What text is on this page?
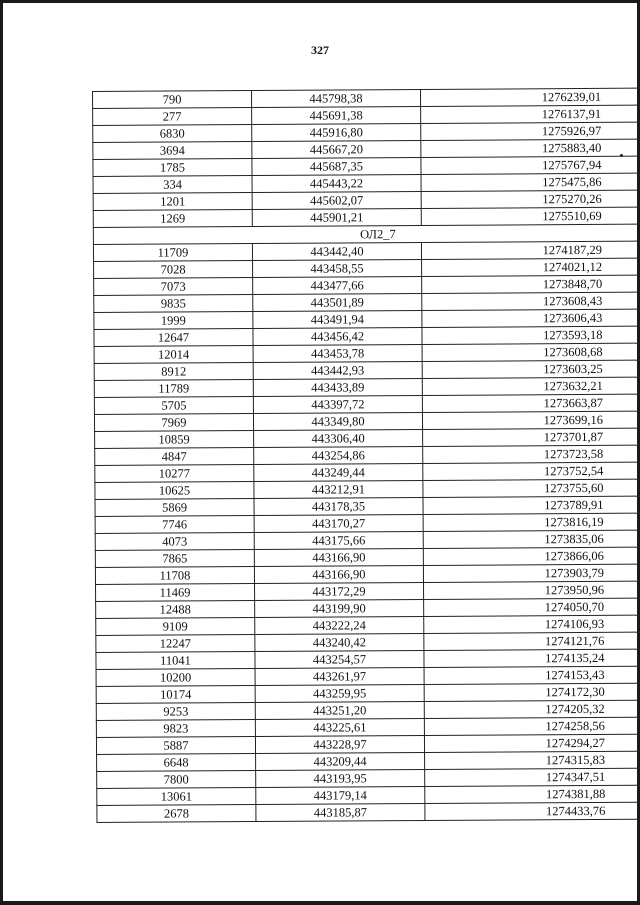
327
790	445798,38	1276239,01
277	445691,38	1276137,91
6830	445916,80	1275926,97
3694	445667,20	1275883,40
1785	445687,35	1275767,94
334	445443,22	1275475,86
1201	445602,07	1275270,26
1269	445901,21	1275510,69
ОЛ2_7		
11709	443442,40	1274187,29
7028	443458,55	1274021,12
7073	443477,66	1273848,70
9835	443501,89	1273608,43
1999	443491,94	1273606,43
12647	443456,42	1273593,18
12014	443453,78	1273608,68
8912	443442,93	1273603,25
11789	443433,89	1273632,21
5705	443397,72	1273663,87
7969	443349,80	1273699,16
10859	443306,40	1273701,87
4847	443254,86	1273723,58
10277	443249,44	1273752,54
10625	443212,91	1273755,60
5869	443178,35	1273789,91
7746	443170,27	1273816,19
4073	443175,66	1273835,06
7865	443166,90	1273866,06
11708	443166,90	1273903,79
11469	443172,29	1273950,96
12488	443199,90	1274050,70
9109	443222,24	1274106,93
12247	443240,42	1274121,76
11041	443254,57	1274135,24
10200	443261,97	1274153,43
10174	443259,95	1274172,30
9253	443251,20	1274205,32
9823	443225,61	1274258,56
5887	443228,97	1274294,27
6648	443209,44	1274315,83
7800	443193,95	1274347,51
13061	443179,14	1274381,88
2678	443185,87	1274433,76
